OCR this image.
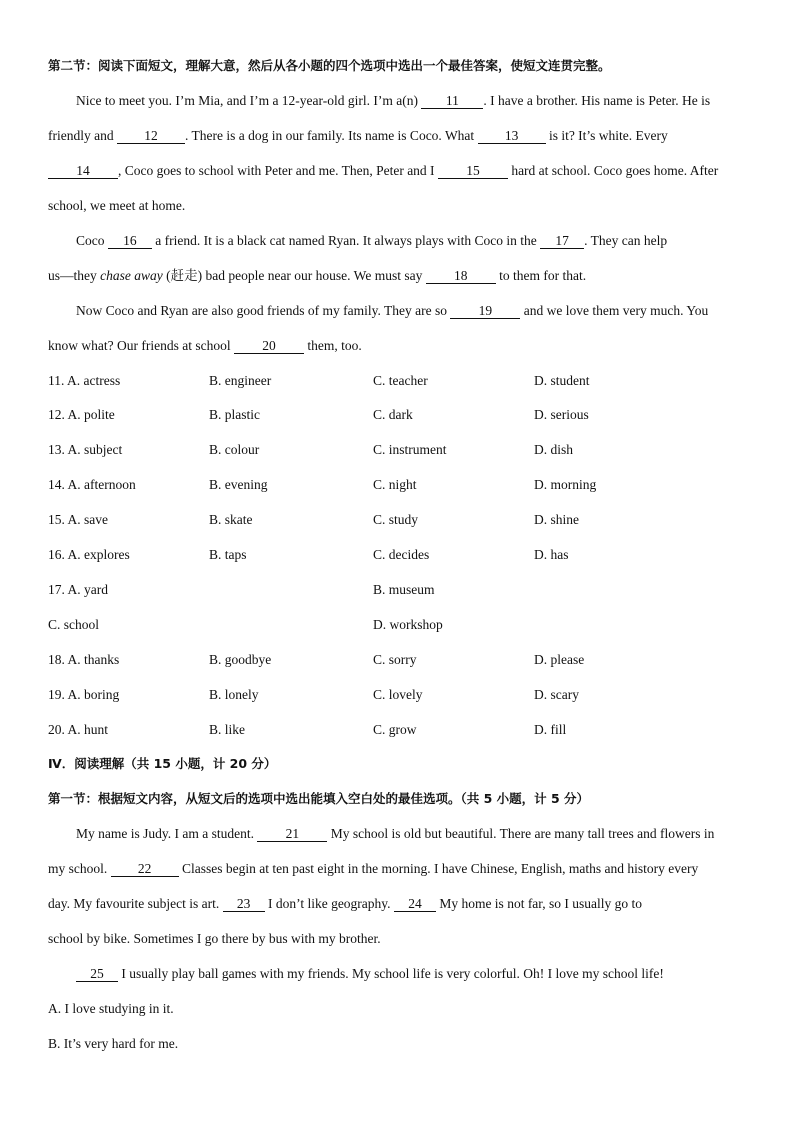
第二节：阅读下面短文，理解大意，然后从各小题的四个选项中选出一个最佳答案，使短文连贯完整。
Nice to meet you. I’m Mia, and I’m a 12-year-old girl. I’m a(n) 11 . I have a brother. His name is Peter. He is
friendly and 12 . There is a dog in our family. Its name is Coco. What 13 is it? It’s white. Every
14 , Coco goes to school with Peter and me. Then, Peter and I 15 hard at school. Coco goes home. After
school, we meet at home.
Coco 16 a friend. It is a black cat named Ryan. It always plays with Coco in the 17 . They can help
us—they chase away (赶走) bad people near our house. We must say 18 to them for that.
Now Coco and Ryan are also good friends of my family. They are so 19 and we love them very much. You
know what? Our friends at school 20 them, too.
11. A. actress	B. engineer	C. teacher	D. student
12. A. polite	B. plastic	C. dark	D. serious
13. A. subject	B. colour	C. instrument	D. dish
14. A. afternoon	B. evening	C. night	D. morning
15. A. save	B. skate	C. study	D. shine
16. A. explores	B. taps	C. decides	D. has
17. A. yard	B. museum
C. school	D. workshop
18. A. thanks	B. goodbye	C. sorry	D. please
19. A. boring	B. lonely	C. lovely	D. scary
20. A. hunt	B. like	C. grow	D. fill
Ⅳ．阅读理解（共 15 小题，计 20 分）
第一节：根据短文内容，从短文后的选项中选出能填入空白处的最佳选项。（共 5 小题，计 5 分）
My name is Judy. I am a student. 21 My school is old but beautiful. There are many tall trees and flowers in
my school. 22 Classes begin at ten past eight in the morning. I have Chinese, English, maths and history every
day. My favourite subject is art. 23 I don’t like geography. 24 My home is not far, so I usually go to
school by bike. Sometimes I go there by bus with my brother.
25 I usually play ball games with my friends. My school life is very colorful. Oh! I love my school life!
A. I love studying in it.
B. It’s very hard for me.
